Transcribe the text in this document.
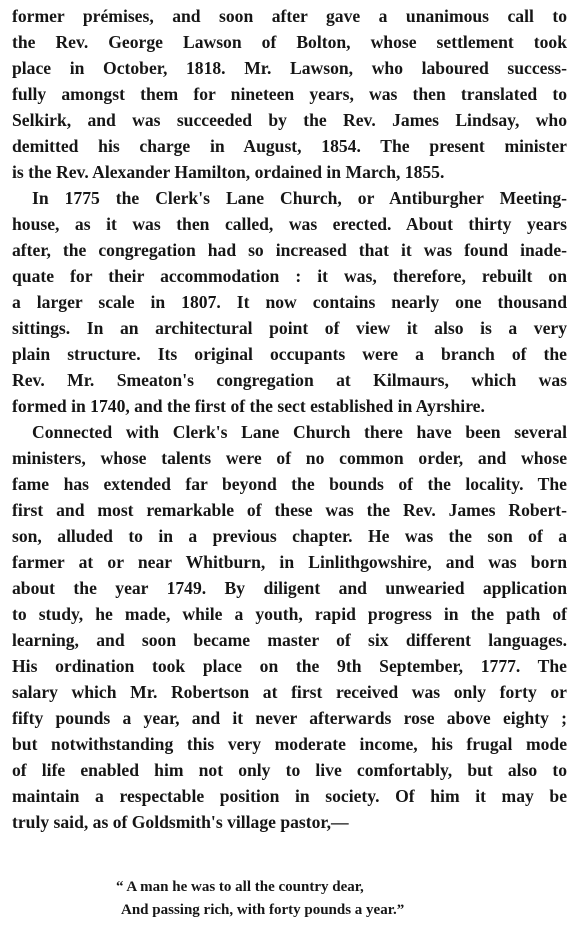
former prémises, and soon after gave a unanimous call to
the Rev. George Lawson of Bolton, whose settlement took
place in October, 1818. Mr. Lawson, who laboured success-
fully amongst them for nineteen years, was then translated to
Selkirk, and was succeeded by the Rev. James Lindsay, who
demitted his charge in August, 1854. The present minister
is the Rev. Alexander Hamilton, ordained in March, 1855.
In 1775 the Clerk's Lane Church, or Antiburgher Meeting-
house, as it was then called, was erected. About thirty years
after, the congregation had so increased that it was found inade-
quate for their accommodation : it was, therefore, rebuilt on
a larger scale in 1807. It now contains nearly one thousand
sittings. In an architectural point of view it also is a very
plain structure. Its original occupants were a branch of the
Rev. Mr. Smeaton's congregation at Kilmaurs, which was
formed in 1740, and the first of the sect established in Ayrshire.
Connected with Clerk's Lane Church there have been several
ministers, whose talents were of no common order, and whose
fame has extended far beyond the bounds of the locality. The
first and most remarkable of these was the Rev. James Robert-
son, alluded to in a previous chapter. He was the son of a
farmer at or near Whitburn, in Linlithgowshire, and was born
about the year 1749. By diligent and unwearied application
to study, he made, while a youth, rapid progress in the path of
learning, and soon became master of six different languages.
His ordination took place on the 9th September, 1777. The
salary which Mr. Robertson at first received was only forty or
fifty pounds a year, and it never afterwards rose above eighty ;
but notwithstanding this very moderate income, his frugal mode
of life enabled him not only to live comfortably, but also to
maintain a respectable position in society. Of him it may be
truly said, as of Goldsmith's village pastor,—
“ A man he was to all the country dear,
And passing rich, with forty pounds a year.”
